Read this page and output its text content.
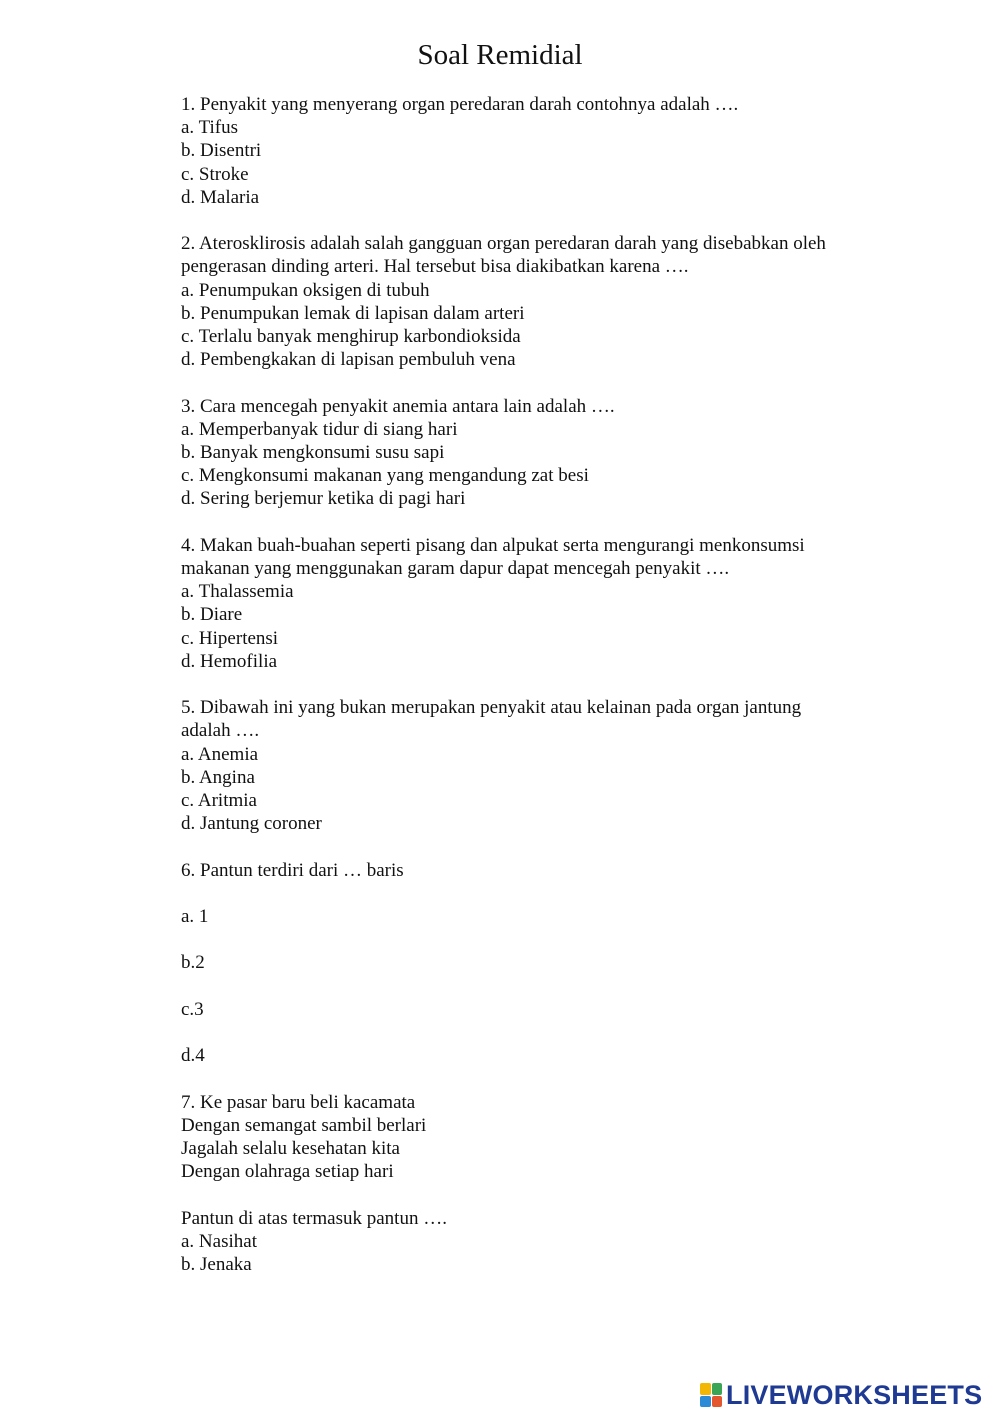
Soal Remidial
1. Penyakit yang menyerang organ peredaran darah contohnya adalah ….
a. Tifus
b. Disentri
c. Stroke
d. Malaria
2. Aterosklirosis adalah salah gangguan organ peredaran darah yang disebabkan oleh
pengerasan dinding arteri. Hal tersebut bisa diakibatkan karena ….
a. Penumpukan oksigen di tubuh
b. Penumpukan lemak di lapisan dalam arteri
c. Terlalu banyak menghirup karbondioksida
d. Pembengkakan di lapisan pembuluh vena
3. Cara mencegah penyakit anemia antara lain adalah ….
a. Memperbanyak tidur di siang hari
b. Banyak mengkonsumi susu sapi
c. Mengkonsumi makanan yang mengandung zat besi
d. Sering berjemur ketika di pagi hari
4. Makan buah-buahan seperti pisang dan alpukat serta mengurangi menkonsumsi
makanan yang menggunakan garam dapur dapat mencegah penyakit ….
a. Thalassemia
b. Diare
c. Hipertensi
d. Hemofilia
5. Dibawah ini yang bukan merupakan penyakit atau kelainan pada organ jantung
adalah ….
a. Anemia
b. Angina
c. Aritmia
d. Jantung coroner
6. Pantun terdiri dari … baris
a. 1
b.2
c.3
d.4
7. Ke pasar baru beli kacamata
Dengan semangat sambil berlari
Jagalah selalu kesehatan kita
Dengan olahraga setiap hari
Pantun di atas termasuk pantun ….
a. Nasihat
b. Jenaka
LIVEWORKSHEETS
